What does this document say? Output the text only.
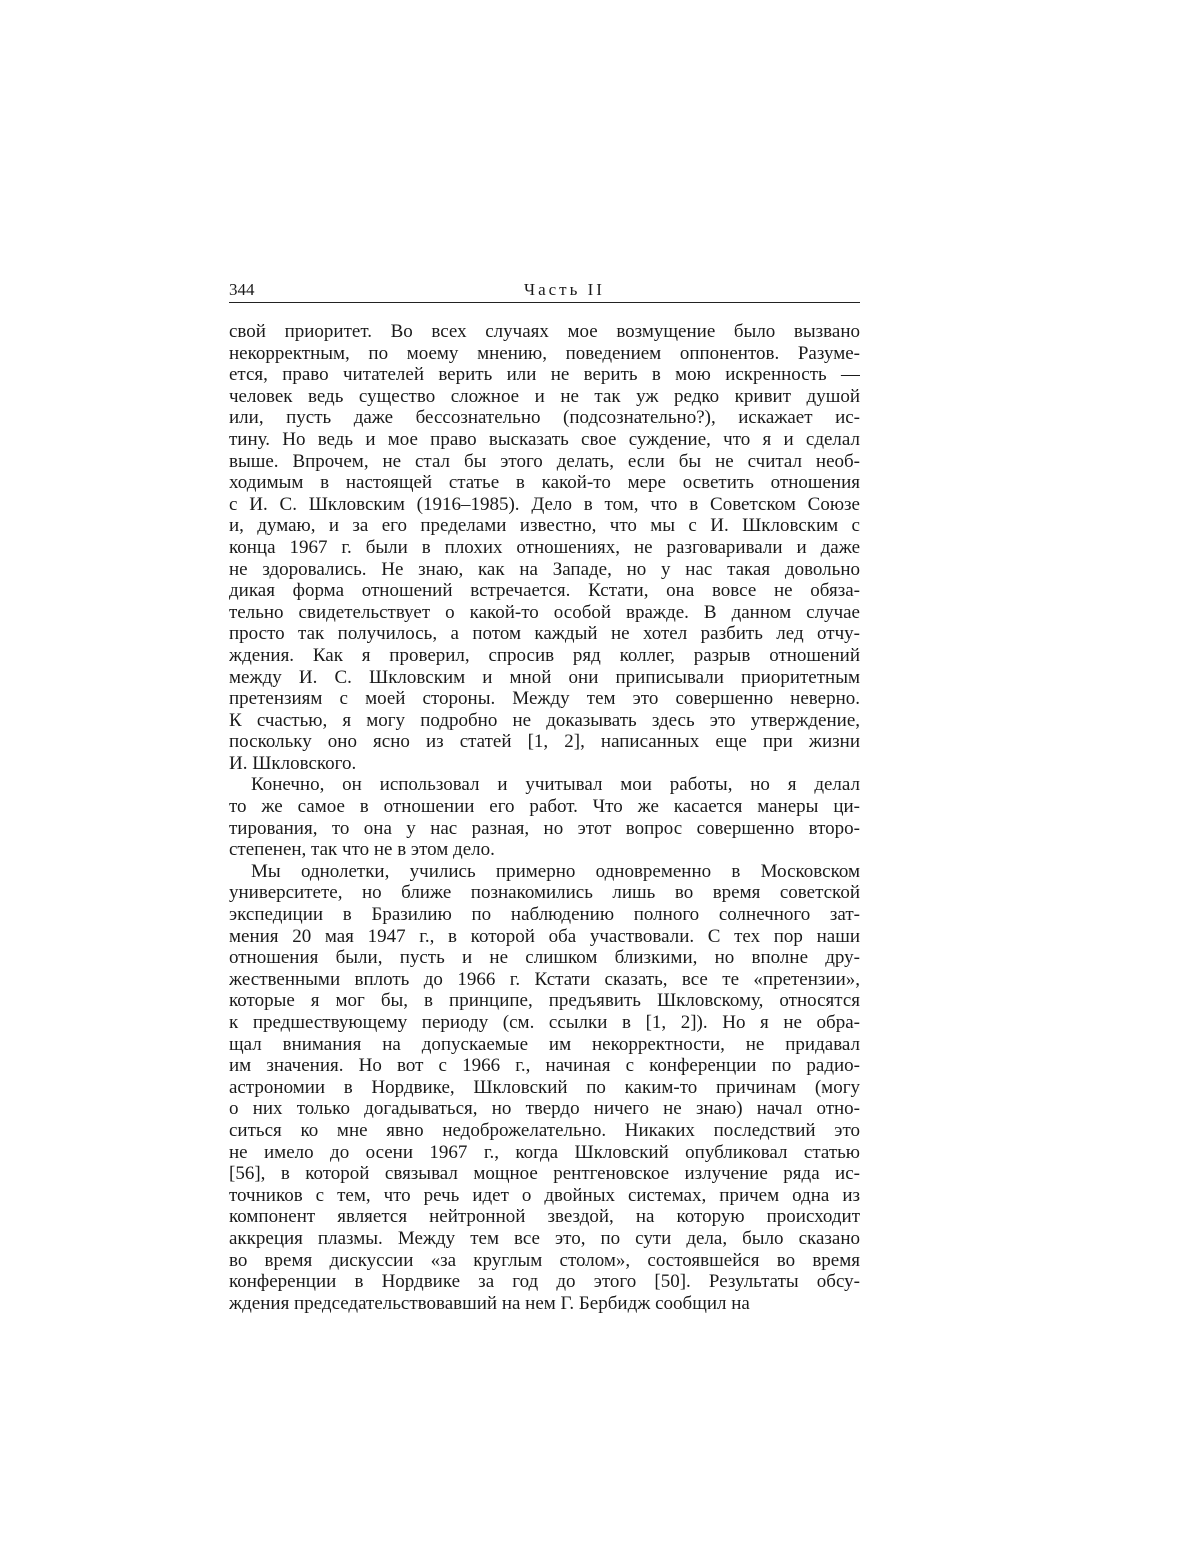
344	Часть II
свой приоритет. Во всех случаях мое возмущение было вызвано
некорректным, по моему мнению, поведением оппонентов. Разуме-
ется, право читателей верить или не верить в мою искренность —
человек ведь существо сложное и не так уж редко кривит душой
или, пусть даже бессознательно (подсознательно?), искажает ис-
тину. Но ведь и мое право высказать свое суждение, что я и сделал
выше. Впрочем, не стал бы этого делать, если бы не считал необ-
ходимым в настоящей статье в какой-то мере осветить отношения
с И. С. Шкловским (1916–1985). Дело в том, что в Советском Союзе
и, думаю, и за его пределами известно, что мы с И. Шкловским с
конца 1967 г. были в плохих отношениях, не разговаривали и даже
не здоровались. Не знаю, как на Западе, но у нас такая довольно
дикая форма отношений встречается. Кстати, она вовсе не обяза-
тельно свидетельствует о какой-то особой вражде. В данном случае
просто так получилось, а потом каждый не хотел разбить лед отчу-
ждения. Как я проверил, спросив ряд коллег, разрыв отношений
между И. С. Шкловским и мной они приписывали приоритетным
претензиям с моей стороны. Между тем это совершенно неверно.
К счастью, я могу подробно не доказывать здесь это утверждение,
поскольку оно ясно из статей [1, 2], написанных еще при жизни
И. Шкловского.
Конечно, он использовал и учитывал мои работы, но я делал
то же самое в отношении его работ. Что же касается манеры ци-
тирования, то она у нас разная, но этот вопрос совершенно второ-
степенен, так что не в этом дело.
Мы однолетки, учились примерно одновременно в Московском
университете, но ближе познакомились лишь во время советской
экспедиции в Бразилию по наблюдению полного солнечного зат-
мения 20 мая 1947 г., в которой оба участвовали. С тех пор наши
отношения были, пусть и не слишком близкими, но вполне дру-
жественными вплоть до 1966 г. Кстати сказать, все те «претензии»,
которые я мог бы, в принципе, предъявить Шкловскому, относятся
к предшествующему периоду (см. ссылки в [1, 2]). Но я не обра-
щал внимания на допускаемые им некорректности, не придавал
им значения. Но вот с 1966 г., начиная с конференции по радио-
астрономии в Нордвике, Шкловский по каким-то причинам (могу
о них только догадываться, но твердо ничего не знаю) начал отно-
ситься ко мне явно недоброжелательно. Никаких последствий это
не имело до осени 1967 г., когда Шкловский опубликовал статью
[56], в которой связывал мощное рентгеновское излучение ряда ис-
точников с тем, что речь идет о двойных системах, причем одна из
компонент является нейтронной звездой, на которую происходит
аккреция плазмы. Между тем все это, по сути дела, было сказано
во время дискуссии «за круглым столом», состоявшейся во время
конференции в Нордвике за год до этого [50]. Результаты обсу-
ждения председательствовавший на нем Г. Бербидж сообщил на
